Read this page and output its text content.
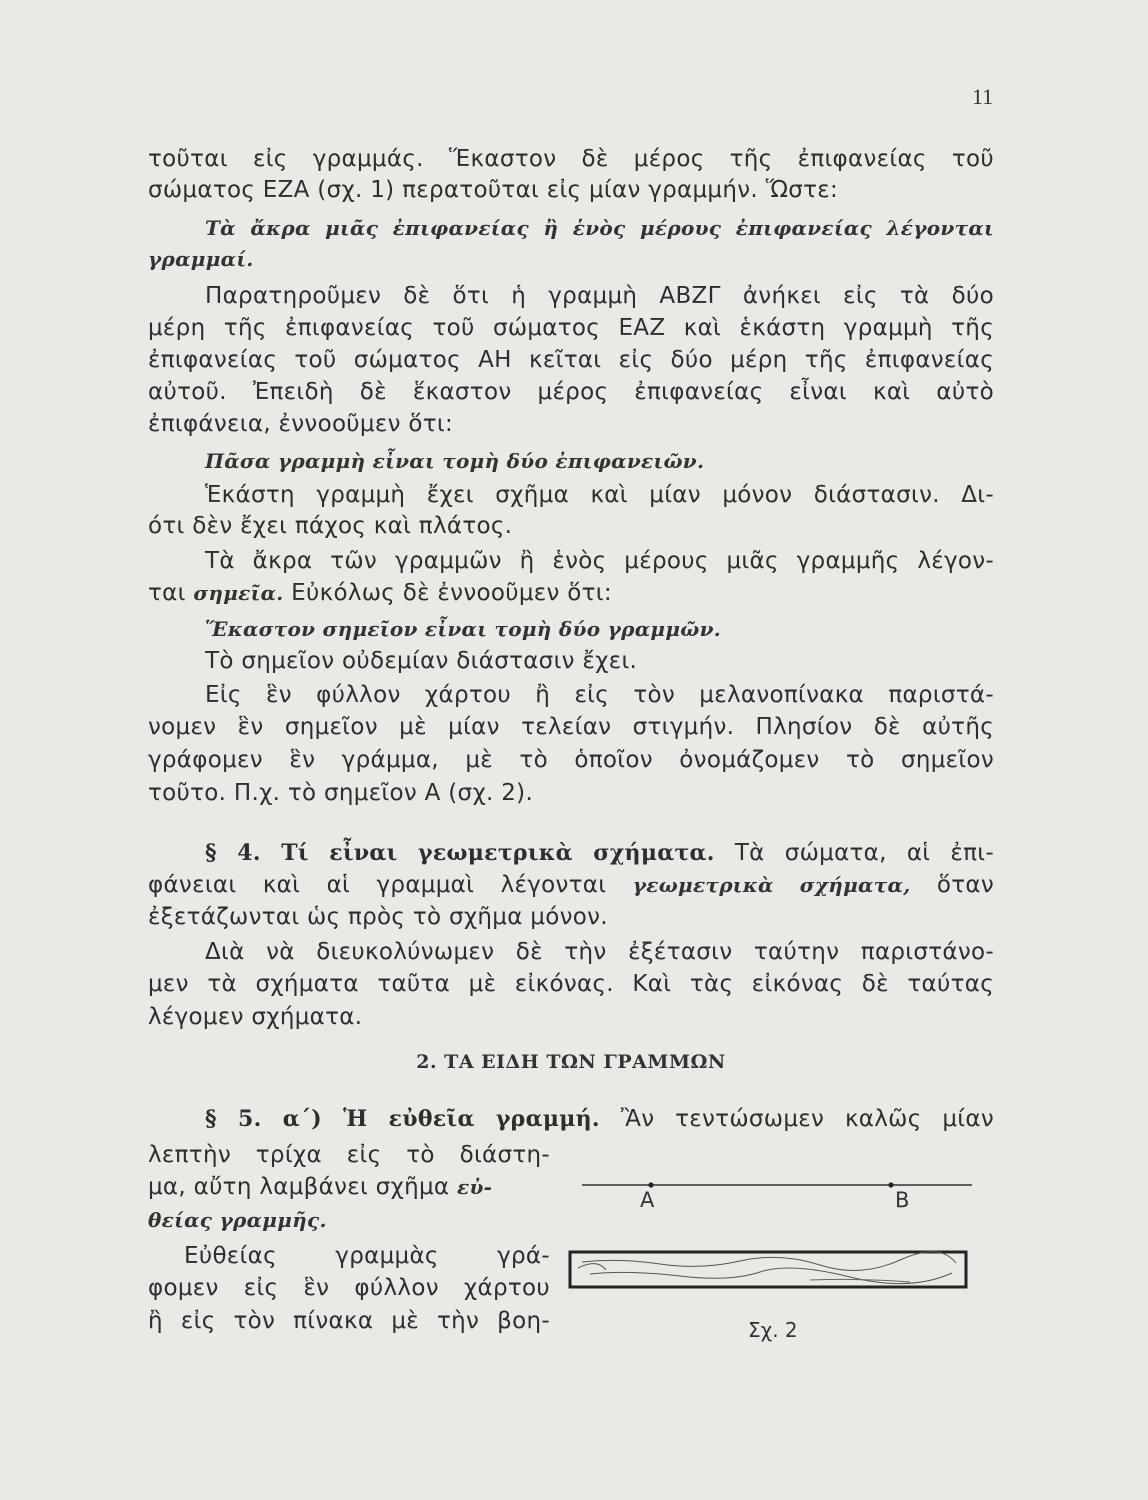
11
τοῦται εἰς γραμμάς. Ἕκαστον δὲ μέρος τῆς ἐπιφανείας τοῦ
σώματος ΕΖΑ (σχ. 1) περατοῦται εἰς μίαν γραμμήν. Ὥστε:
Τὰ ἄκρα μιᾶς ἐπιφανείας ἢ ἑνὸς μέρους ἐπιφανείας λέγονται
γραμμαί.
Παρατηροῦμεν δὲ ὅτι ἡ γραμμὴ ΑΒΖΓ ἀνήκει εἰς τὰ δύο
μέρη τῆς ἐπιφανείας τοῦ σώματος ΕΑΖ καὶ ἑκάστη γραμμὴ τῆς
ἐπιφανείας τοῦ σώματος ΑΗ κεῖται εἰς δύο μέρη τῆς ἐπιφανείας
αὐτοῦ. Ἐπειδὴ δὲ ἕκαστον μέρος ἐπιφανείας εἶναι καὶ αὐτὸ
ἐπιφάνεια, ἐννοοῦμεν ὅτι:
Πᾶσα γραμμὴ εἶναι τομὴ δύο ἐπιφανειῶν.
Ἑκάστη γραμμὴ ἔχει σχῆμα καὶ μίαν μόνον διάστασιν. Δι-
ότι δὲν ἔχει πάχος καὶ πλάτος.
Τὰ ἄκρα τῶν γραμμῶν ἢ ἑνὸς μέρους μιᾶς γραμμῆς λέγον-
ται σημεῖα. Εὐκόλως δὲ ἐννοοῦμεν ὅτι:
Ἕκαστον σημεῖον εἶναι τομὴ δύο γραμμῶν.
Τὸ σημεῖον οὐδεμίαν διάστασιν ἔχει.
Εἰς ἓν φύλλον χάρτου ἢ εἰς τὸν μελανοπίνακα παριστά-
νομεν ἓν σημεῖον μὲ μίαν τελείαν στιγμήν. Πλησίον δὲ αὐτῆς
γράφομεν ἓν γράμμα, μὲ τὸ ὁποῖον ὀνομάζομεν τὸ σημεῖον
τοῦτο. Π.χ. τὸ σημεῖον Α (σχ. 2).
§ 4. Τί εἶναι γεωμετρικὰ σχήματα. Τὰ σώματα, αἱ ἐπι-
φάνειαι καὶ αἱ γραμμαὶ λέγονται γεωμετρικὰ σχήματα, ὅταν
ἐξετάζωνται ὡς πρὸς τὸ σχῆμα μόνον.
Διὰ νὰ διευκολύνωμεν δὲ τὴν ἐξέτασιν ταύτην παριστάνο-
μεν τὰ σχήματα ταῦτα μὲ εἰκόνας. Καὶ τὰς εἰκόνας δὲ ταύτας
λέγομεν σχήματα.
2. ΤΑ ΕΙΔΗ ΤΩΝ ΓΡΑΜΜΩΝ
§ 5. α΄) Ἡ εὐθεῖα γραμμή. Ἂν τεντώσωμεν καλῶς μίαν
λεπτὴν τρίχα εἰς τὸ διάστη-
μα, αὔτη λαμβάνει σχῆμα εὐ-
θείας γραμμῆς.
Εὐθείας γραμμὰς γρά-
φομεν εἰς ἓν φύλλον χάρτου
ἢ εἰς τὸν πίνακα μὲ τὴν βοη-
Α	Β
Σχ. 2
